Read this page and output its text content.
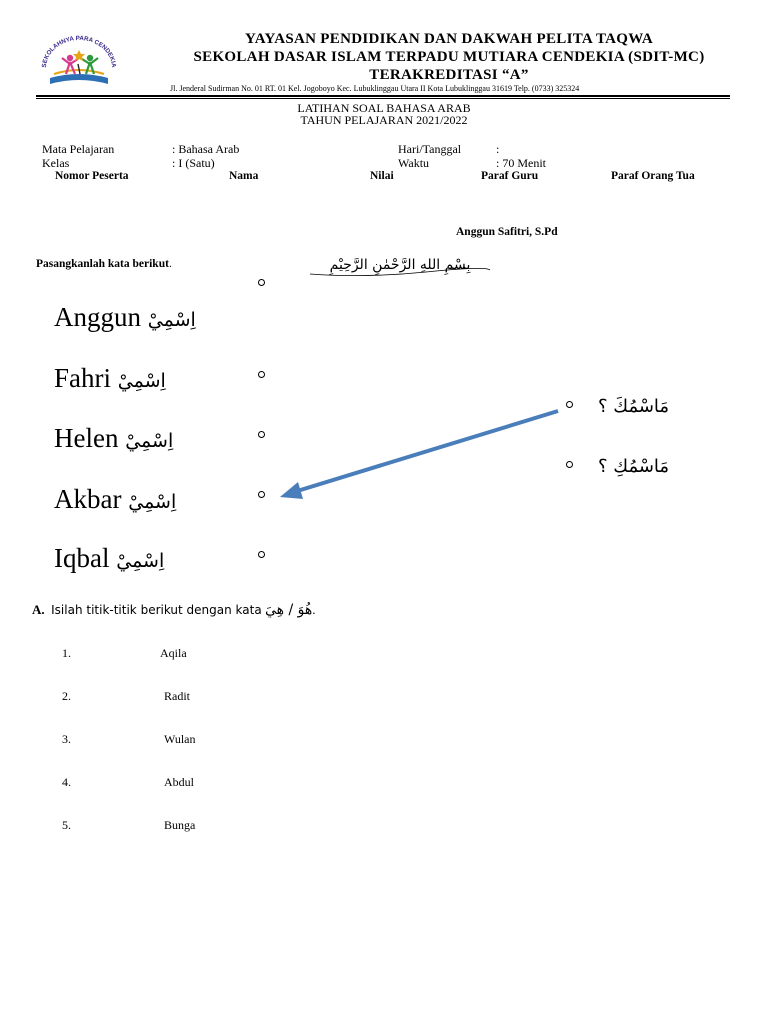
SEKOLAHNYA PARA CENDEKIA
YAYASAN PENDIDIKAN DAN DAKWAH PELITA TAQWA
SEKOLAH DASAR ISLAM TERPADU MUTIARA CENDEKIA (SDIT-MC)
TERAKREDITASI “A”
Jl. Jenderal Sudirman No. 01 RT. 01 Kel. Jogoboyo Kec. Lubuklinggau Utara II Kota Lubuklinggau 31619 Telp. (0733) 325324
LATIHAN SOAL BAHASA ARAB
TAHUN PELAJARAN 2021/2022
Mata Pelajaran	: Bahasa Arab	Hari/Tanggal	:
Kelas	: I (Satu)	Waktu	: 70 Menit
Nomor Peserta	Nama	Nilai	Paraf Guru	Paraf Orang Tua
Anggun Safitri, S.Pd
Pasangkanlah kata berikut.	بِسْمِ اللهِ الرَّحْمٰنِ الرَّحِيْمِ
Anggun اِسْمِيْ
Fahri اِسْمِيْ
Helen اِسْمِيْ
Akbar اِسْمِيْ
Iqbal اِسْمِيْ
مَاسْمُكَ ؟
مَاسْمُكِ ؟
A. Isilah titik-titik berikut dengan kata هُوَ / هِيَ.
1.	Aqila
2.	Radit
3.	Wulan
4.	Abdul
5.	Bunga
